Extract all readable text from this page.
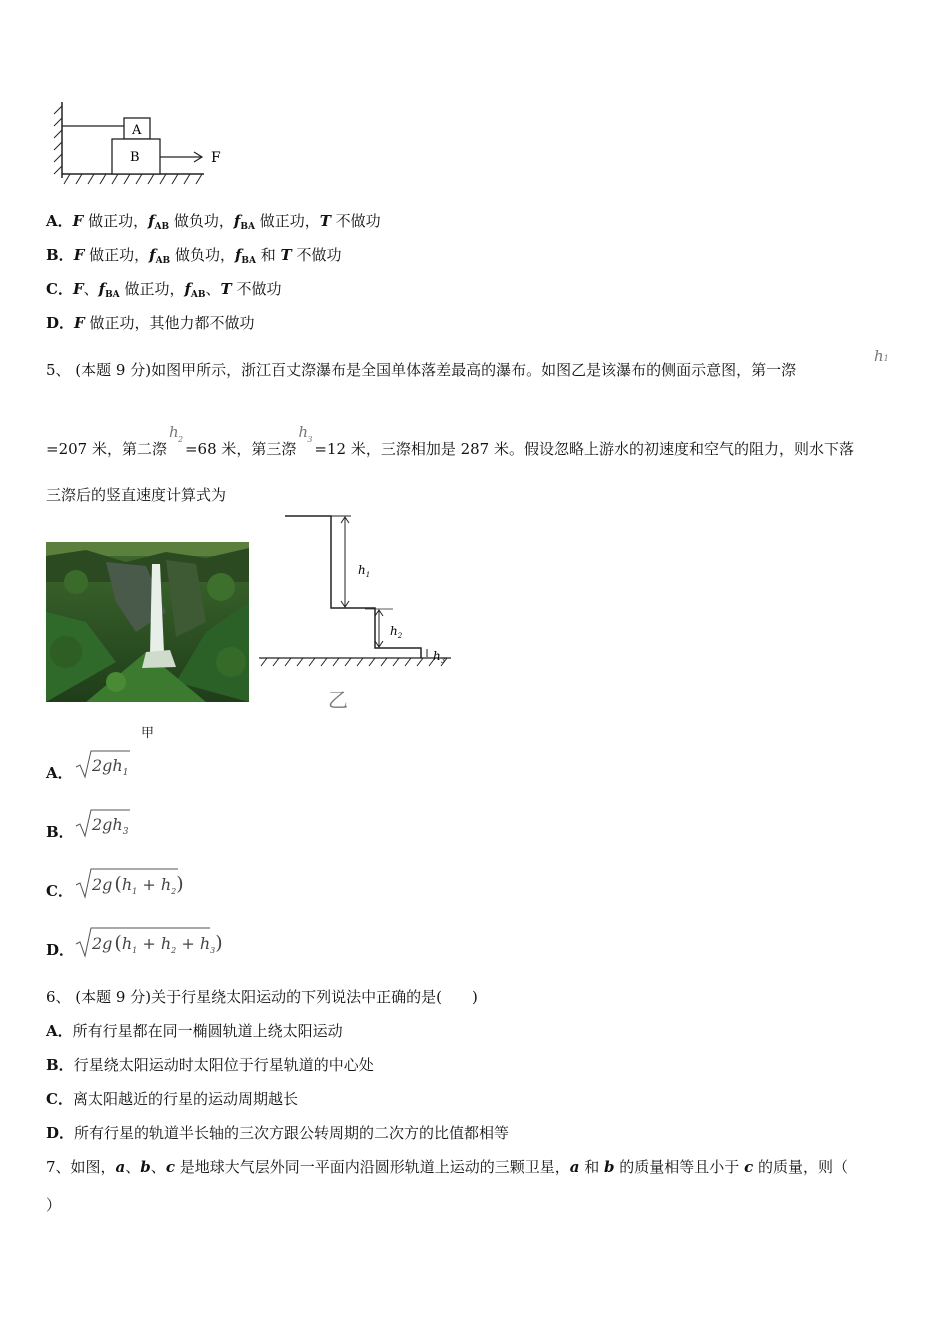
A
B	F
A．F 做正功，$f_{AB}$ 做负功，$f_{BA}$ 做正功，T 不做功
B．F 做正功，$f_{AB}$ 做负功，$f_{BA}$ 和 T 不做功
C．F、$f_{BA}$ 做正功，$f_{AB}$、T 不做功
D．F 做正功，其他力都不做功
5、 (本题 9 分)如图甲所示，浙江百丈漈瀑布是全国单体落差最高的瀑布。如图乙是该瀑布的侧面示意图，第一漈
h1
=207 米，第二漈
h 2
=68 米，第三漈
h 3
=12 米，三漈相加是 287 米。假设忽略上游水的初速度和空气的阻力，则水下落
三漈后的竖直速度计算式为
甲
$h_1$
$h_2$
$h_3$
乙
A． $2gh_1$
B． $2gh_3$
C． 2g $(h_1 + h_2)$
D． 2g $(h_1 + h_2 + h_3)$
6、 (本题 9 分)关于行星绕太阳运动的下列说法中正确的是(　　)
A．所有行星都在同一椭圆轨道上绕太阳运动
B．行星绕太阳运动时太阳位于行星轨道的中心处
C．离太阳越近的行星的运动周期越长
D．所有行星的轨道半长轴的三次方跟公转周期的二次方的比值都相等
7、如图，a、b、c 是地球大气层外同一平面内沿圆形轨道上运动的三颗卫星，a 和 b 的质量相等且小于 c 的质量，则（
）
